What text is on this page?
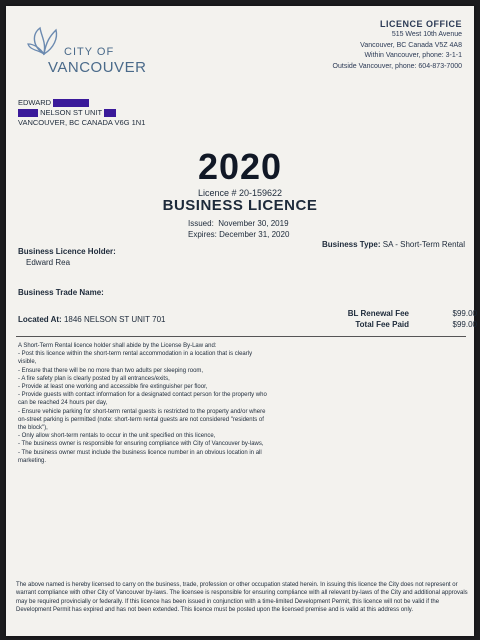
CITY OF
VANCOUVER
LICENCE OFFICE
515 West 10th Avenue
Vancouver, BC Canada V5Z 4A8
Within Vancouver, phone: 3-1-1
Outside Vancouver, phone: 604-873-7000
EDWARD
NELSON ST UNIT
VANCOUVER, BC CANADA V6G 1N1
2020
Licence # 20-159622
BUSINESS LICENCE
Issued: November 30, 2019
Expires: December 31, 2020
Business Type: SA - Short-Term Rental
Business Licence Holder:
Edward Rea
Business Trade Name:
Located At: 1846 NELSON ST UNIT 701
BL Renewal Fee	$99.00
Total Fee Paid	$99.00
A Short-Term Rental licence holder shall abide by the License By-Law and:
- Post this licence within the short-term rental accommodation in a location that is clearly visible,
- Ensure that there will be no more than two adults per sleeping room,
- A fire safety plan is clearly posted by all entrances/exits,
- Provide at least one working and accessible fire extinguisher per floor,
- Provide guests with contact information for a designated contact person for the property who can be reached 24 hours per day,
- Ensure vehicle parking for short-term rental guests is restricted to the property and/or where on-street parking is permitted (note: short-term rental guests are not considered "residents of the block"),
- Only allow short-term rentals to occur in the unit specified on this licence,
- The business owner is responsible for ensuring compliance with City of Vancouver by-laws,
- The business owner must include the business licence number in an obvious location in all marketing.
The above named is hereby licensed to carry on the business, trade, profession or other occupation stated herein. In issuing this licence the City does not represent or warrant compliance with other City of Vancouver by-laws. The licensee is responsible for ensuring compliance with all relevant by-laws of the City and additional approvals may be required provincially or federally. If this licence has been issued in conjunction with a time-limited Development Permit, this licence will not be valid if the Development Permit has expired and has not been extended. This licence must be posted upon the licensed premise and is valid at this address only.
